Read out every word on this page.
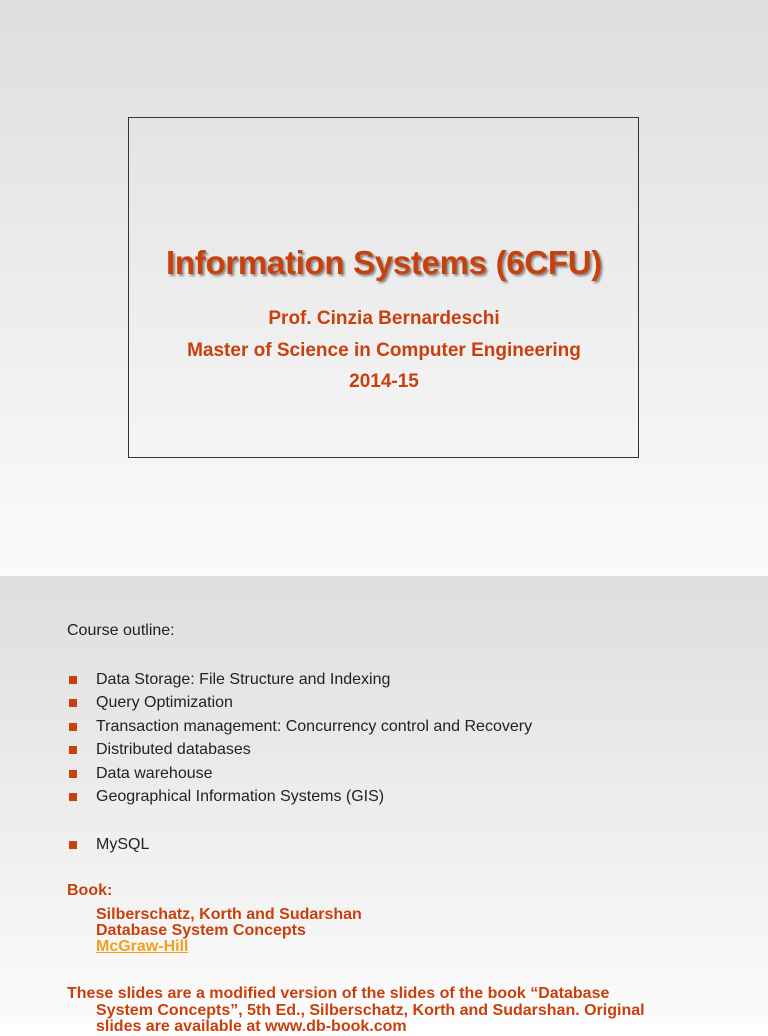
Information Systems (6CFU)
Prof. Cinzia Bernardeschi
Master of Science in Computer Engineering
2014-15
Course outline:
Data Storage: File Structure and Indexing
Query Optimization
Transaction management: Concurrency control and Recovery
Distributed databases
Data warehouse
Geographical Information Systems (GIS)
MySQL
Book:
Silberschatz, Korth and Sudarshan
Database System Concepts
McGraw-Hill
These slides are a modified version of the slides of the book “Database
System Concepts”, 5th Ed., Silberschatz, Korth and Sudarshan. Original
slides are available at www.db-book.com
